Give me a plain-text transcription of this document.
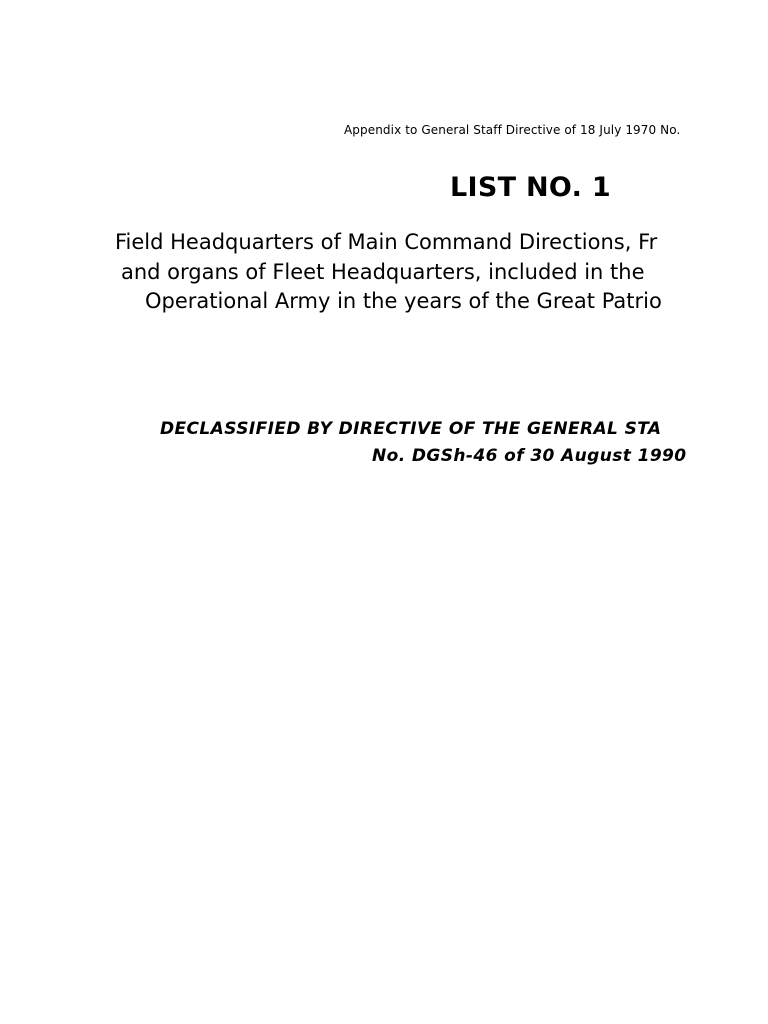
Appendix to General Staff Directive of 18 July 1970 No.
LIST NO. 1
Field Headquarters of Main Command Directions, Fr
and organs of Fleet Headquarters, included in the
Operational Army in the years of the Great Patrio
DECLASSIFIED BY DIRECTIVE OF THE GENERAL STA
No. DGSh-46 of 30 August 1990
